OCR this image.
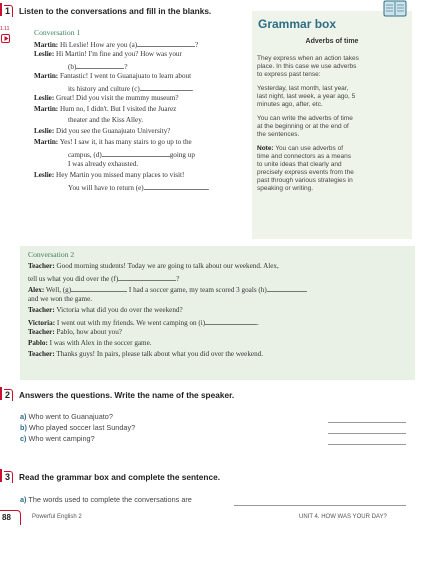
1 Listen to the conversations and fill in the blanks.
1.11	Conversation 1
Martin: Hi Leslie! How are you (a)	?
Leslie: Hi Martin! I'm fine and you? How was your
(b)	?
Martin: Fantastic! I went to Guanajuato to learn about
its history and culture (c)	.
Leslie: Great! Did you visit the mummy museum?
Martin: Hum no, I didn't. But I visited the Juarez
theater and the Kiss Alley.
Leslie: Did you see the Guanajuato University?
Martin: Yes! I saw it, it has many stairs to go up to the
campus, (d)	going up
I was already exhausted.
Leslie: Hey Martin you missed many places to visit!
You will have to return (e)	.
Grammar box
Adverbs of time
They express when an action takes
place. In this case we use adverbs
to express past tense:
Yesterday, last month, last year,
last night, last week, a year ago, 5
minutes ago, after, etc.
You can write the adverbs of time
at the beginning or at the end of
the sentences.
Note: You can use adverbs of
time and connectors as a means
to unite ideas that clearly and
precisely express events from the
past through various strategies in
speaking or writing.
Conversation 2
Teacher: Good morning students! Today we are going to talk about our weekend. Alex,
tell us what you did over the (f)	?
Alex: Well, (g)	I had a soccer game, my team scored 3 goals (h)
and we won the game.
Teacher: Victoria what did you do over the weekend?
Victoria: I went out with my friends. We went camping on (i)	.
Teacher: Pablo, how about you?
Pablo: I was with Alex in the soccer game.
Teacher: Thanks guys! In pairs, please talk about what you did over the weekend.
2 Answers the questions. Write the name of the speaker.
a) Who went to Guanajuato?
b) Who played soccer last Sunday?
c) Who went camping?
3 Read the grammar box and complete the sentence.
a) The words used to complete the conversations are
88	Powerful English 2	UNIT 4. HOW WAS YOUR DAY?
